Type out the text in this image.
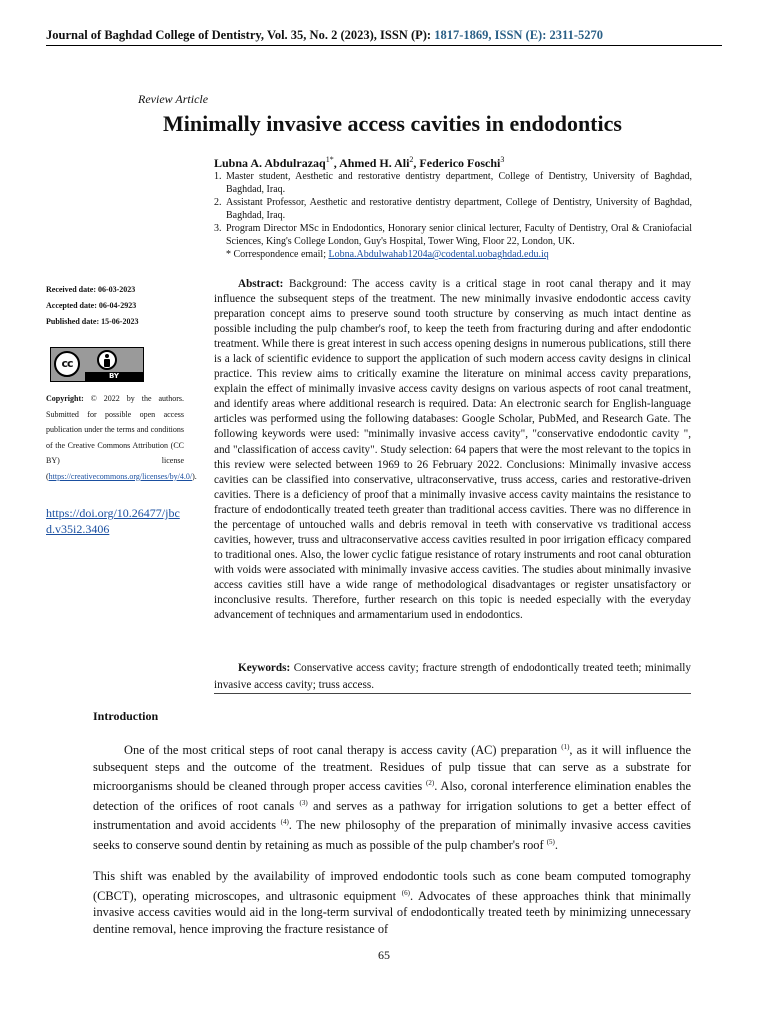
Journal of Baghdad College of Dentistry, Vol. 35, No. 2 (2023), ISSN (P): 1817-1869, ISSN (E): 2311-5270
Review Article
Minimally invasive access cavities in endodontics
Lubna A. Abdulrazaq$^{1*}$, Ahmed H. Ali$^2$, Federico Foschi$^3$
1. Master student, Aesthetic and restorative dentistry department, College of Dentistry, University of Baghdad, Baghdad, Iraq.
2. Assistant Professor, Aesthetic and restorative dentistry department, College of Dentistry, University of Baghdad, Baghdad, Iraq.
3. Program Director MSc in Endodontics, Honorary senior clinical lecturer, Faculty of Dentistry, Oral & Craniofacial Sciences, King's College London, Guy's Hospital, Tower Wing, Floor 22, London, UK.
* Correspondence email; Lobna.Abdulwahab1204a@codental.uobaghdad.edu.iq
Received date: 06-03-2023
Accepted date: 06-04-2923
Published date: 15-06-2023
cc
BY
Copyright: © 2022 by the authors. Submitted for possible open access publication under the terms and conditions of the Creative Commons Attribution (CC BY) license (https://creativecommons.org/licenses/by/4.0/).
https://doi.org/10.26477/jbcd.v35i2.3406

Abstract: Background: The access cavity is a critical stage in root canal therapy and it may influence the subsequent steps of the treatment. The new minimally invasive endodontic access cavity preparation concept aims to preserve sound tooth structure by conserving as much intact dentine as possible including the pulp chamber's roof, to keep the teeth from fracturing during and after endodontic treatment. While there is great interest in such access opening designs in numerous publications, still there is a lack of scientific evidence to support the application of such modern access cavity designs in clinical practice. This review aims to critically examine the literature on minimal access cavity preparations, explain the effect of minimally invasive access cavity designs on various aspects of root canal treatment, and identify areas where additional research is required. Data: An electronic search for English-language articles was performed using the following databases: Google Scholar, PubMed, and Research Gate. The following keywords were used: "minimally invasive access cavity", "conservative endodontic cavity ", and "classification of access cavity". Study selection: 64 papers that were the most relevant to the topics in this review were selected between 1969 to 26 February 2022. Conclusions: Minimally invasive access cavities can be classified into conservative, ultraconservative, truss access, caries and restorative-driven cavities. There is a deficiency of proof that a minimally invasive access cavity maintains the resistance to fracture of endodontically treated teeth greater than traditional access cavities. There was no difference in the percentage of untouched walls and debris removal in teeth with conservative vs traditional access cavities, however, truss and ultraconservative access cavities resulted in poor irrigation efficacy compared to traditional ones. Also, the lower cyclic fatigue resistance of rotary instruments and root canal obturation with voids were associated with minimally invasive access cavities. The studies about minimally invasive access cavities still have a wide range of methodological disadvantages or register unsatisfactory or inconclusive results. Therefore, further research on this topic is needed especially with the everyday advancement of techniques and armamentarium used in endodontics.

Keywords: Conservative access cavity; fracture strength of endodontically treated teeth; minimally invasive access cavity; truss access.

Introduction

One of the most critical steps of root canal therapy is access cavity (AC) preparation $^{(1)}$, as it will influence the subsequent steps and the outcome of the treatment. Residues of pulp tissue that can serve as a substrate for microorganisms should be cleaned through proper access cavities $^{(2)}$. Also, coronal interference elimination enables the detection of the orifices of root canals $^{(3)}$ and serves as a pathway for irrigation solutions to get a better effect of instrumentation and avoid accidents $^{(4)}$. The new philosophy of the preparation of minimally invasive access cavities seeks to conserve sound dentin by retaining as much as possible of the pulp chamber's roof $^{(5)}$.

This shift was enabled by the availability of improved endodontic tools such as cone beam computed tomography (CBCT), operating microscopes, and ultrasonic equipment $^{(6)}$. Advocates of these approaches think that minimally invasive access cavities would aid in the long-term survival of endodontically treated teeth by minimizing unnecessary dentine removal, hence improving the fracture resistance of

65
